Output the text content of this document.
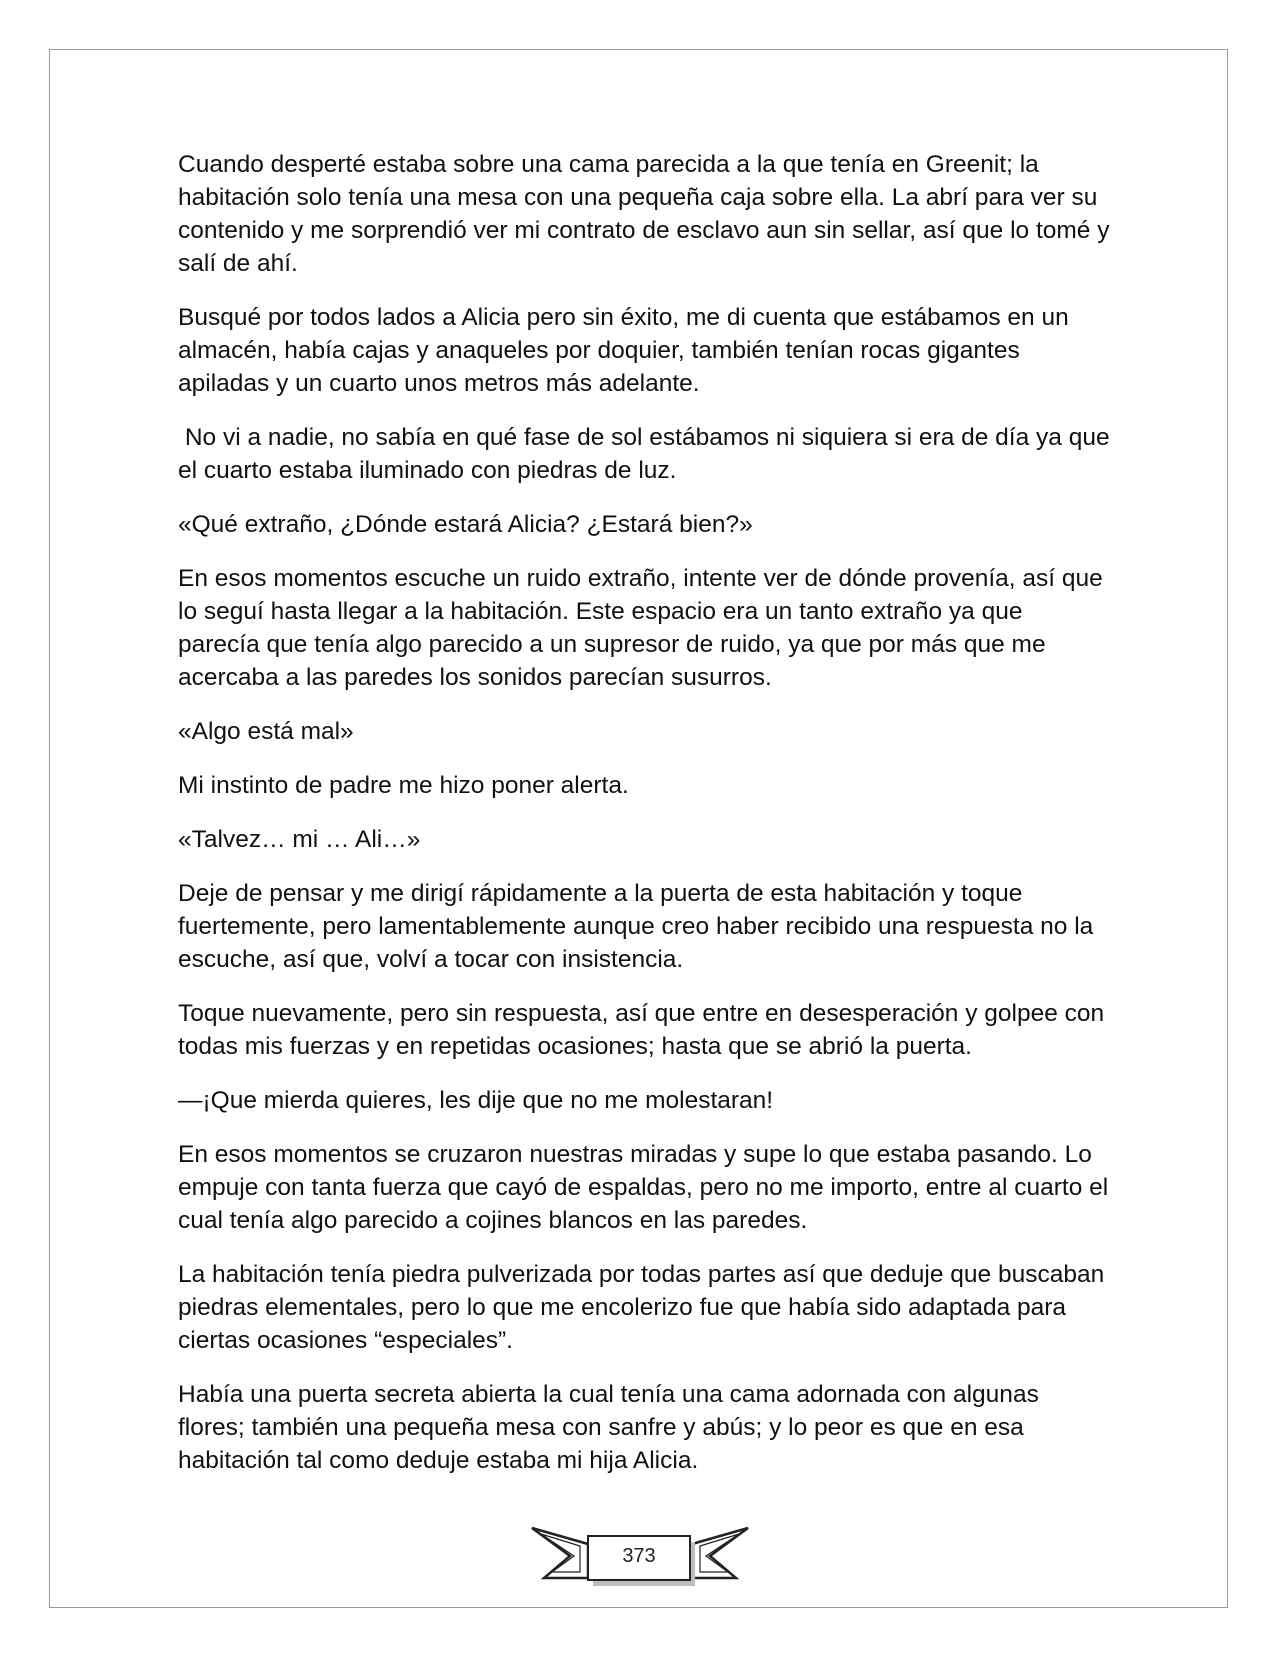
Cuando desperté estaba sobre una cama parecida a la que tenía en Greenit; la habitación solo tenía una mesa con una pequeña caja sobre ella. La abrí para ver su contenido y me sorprendió ver mi contrato de esclavo aun sin sellar, así que lo tomé y salí de ahí.

Busqué por todos lados a Alicia pero sin éxito, me di cuenta que estábamos en un almacén, había cajas y anaqueles por doquier, también tenían rocas gigantes apiladas y un cuarto unos metros más adelante.

No vi a nadie, no sabía en qué fase de sol estábamos ni siquiera si era de día ya que el cuarto estaba iluminado con piedras de luz.

«Qué extraño, ¿Dónde estará Alicia? ¿Estará bien?»

En esos momentos escuche un ruido extraño, intente ver de dónde provenía, así que lo seguí hasta llegar a la habitación. Este espacio era un tanto extraño ya que parecía que tenía algo parecido a un supresor de ruido, ya que por más que me acercaba a las paredes los sonidos parecían susurros.

«Algo está mal»

Mi instinto de padre me hizo poner alerta.

«Talvez… mi … Ali…»

Deje de pensar y me dirigí rápidamente a la puerta de esta habitación y toque fuertemente, pero lamentablemente aunque creo haber recibido una respuesta no la escuche, así que, volví a tocar con insistencia.

Toque nuevamente, pero sin respuesta, así que entre en desesperación y golpee con todas mis fuerzas y en repetidas ocasiones; hasta que se abrió la puerta.

—¡Que mierda quieres, les dije que no me molestaran!

En esos momentos se cruzaron nuestras miradas y supe lo que estaba pasando. Lo empuje con tanta fuerza que cayó de espaldas, pero no me importo, entre al cuarto el cual tenía algo parecido a cojines blancos en las paredes.

La habitación tenía piedra pulverizada por todas partes así que deduje que buscaban piedras elementales, pero lo que me encolerizo fue que había sido adaptada para ciertas ocasiones “especiales”.

Había una puerta secreta abierta la cual tenía una cama adornada con algunas flores; también una pequeña mesa con sanfre y abús; y lo peor es que en esa habitación tal como deduje estaba mi hija Alicia.

373
